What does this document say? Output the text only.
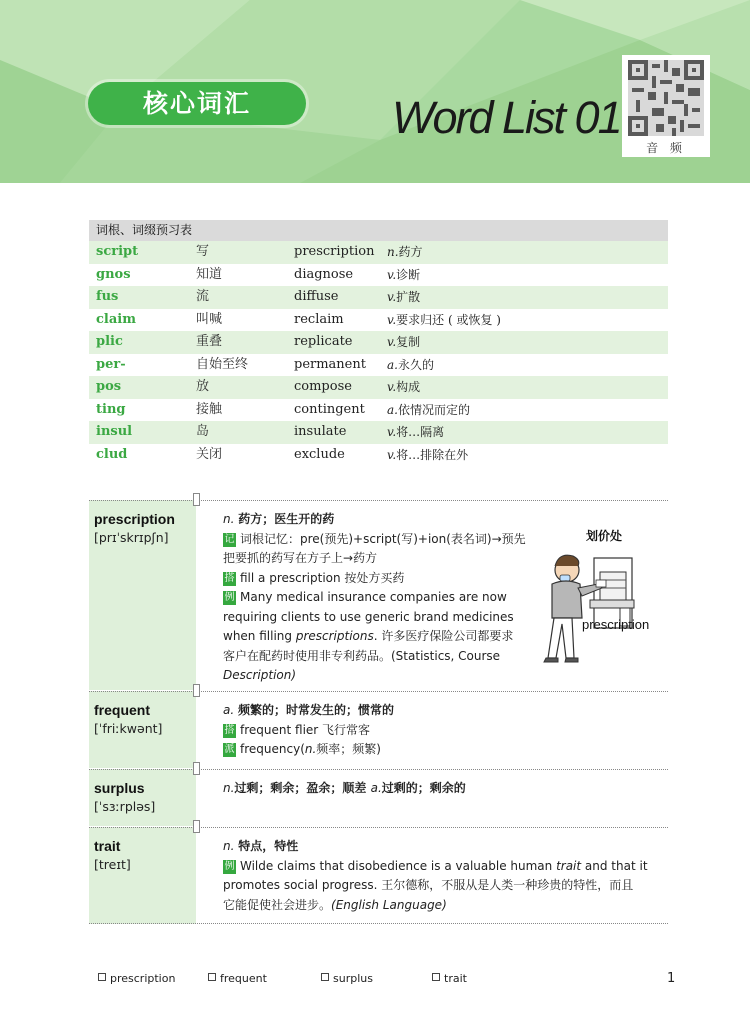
核心词汇	Word List 01
音 频
词根、词缀预习表
script	写	prescription n. 药方
gnos	知道	diagnose	v. 诊断
fus	流	diffuse	v. 扩散
claim	叫喊	reclaim	v. 要求归还 ( 或恢复 )
plic	重叠	replicate	v. 复制
per-	自始至终	permanent a. 永久的
pos	放	compose	v. 构成
ting	接触	contingent a. 依情况而定的
insul	岛	insulate	v. 将…隔离
clud	关闭	exclude	v. 将…排除在外
prescription
[prɪˈskrɪpʃn]
n. 药方；医生开的药
记 词根记忆：pre(预先)+script(写)+ion(表名词)→预先
把要抓的药写在方子上→药方
搭 fill a prescription 按处方买药
例 Many medical insurance companies are now
requiring clients to use generic brand medicines
when filling prescriptions. 许多医疗保险公司都要求
客户在配药时使用非专利药品。(Statistics, Course
Description)
frequent
[ˈfriːkwənt]
a. 频繁的；时常发生的；惯常的
搭 frequent flier 飞行常客
派 frequency(n.频率；频繁)
surplus
[ˈsɜːrpləs]
n.过剩；剩余；盈余；顺差 a.过剩的；剩余的
trait
[treɪt]
n. 特点，特性
例 Wilde claims that disobedience is a valuable human trait and that it
promotes social progress. 王尔德称，不服从是人类一种珍贵的特性，而且
它能促使社会进步。(English Language)
划价处
prescription
prescription	frequent	surplus	trait	1
